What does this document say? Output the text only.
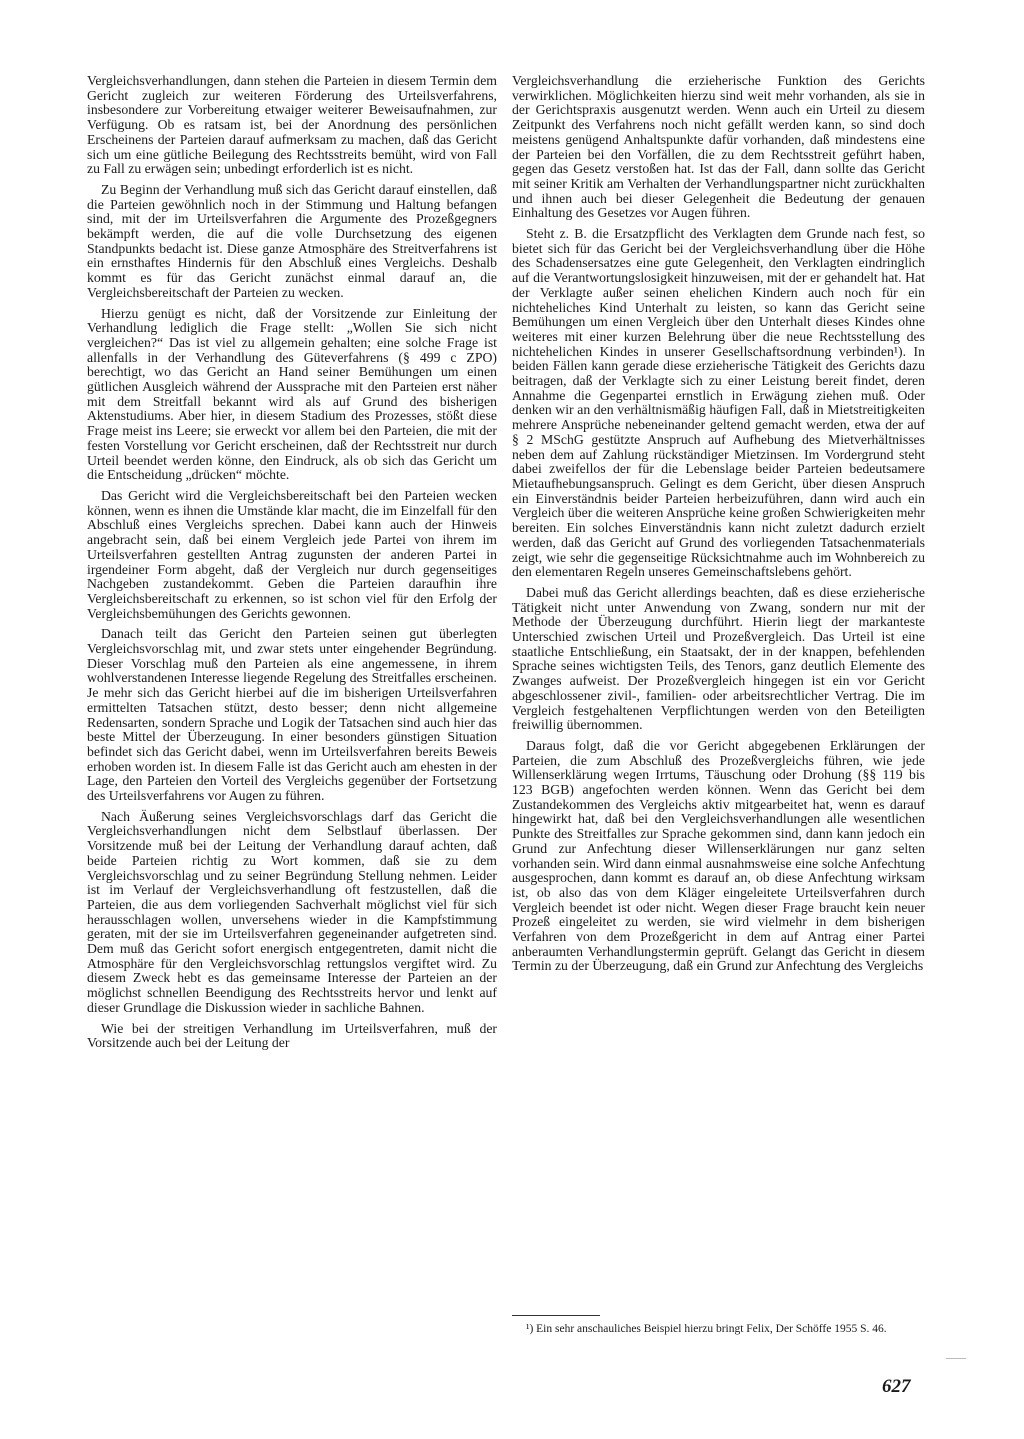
Vergleichsverhandlungen, dann stehen die Parteien in diesem Termin dem Gericht zugleich zur weiteren Förderung des Urteilsverfahrens, insbesondere zur Vorbereitung etwaiger weiterer Beweisaufnahmen, zur Verfügung. Ob es ratsam ist, bei der Anordnung des persönlichen Erscheinens der Parteien darauf aufmerksam zu machen, daß das Gericht sich um eine gütliche Beilegung des Rechtsstreits bemüht, wird von Fall zu Fall zu erwägen sein; unbedingt erforderlich ist es nicht.

Zu Beginn der Verhandlung muß sich das Gericht darauf einstellen, daß die Parteien gewöhnlich noch in der Stimmung und Haltung befangen sind, mit der im Urteilsverfahren die Argumente des Prozeßgegners bekämpft werden, die auf die volle Durchsetzung des eigenen Standpunkts bedacht ist. Diese ganze Atmosphäre des Streitverfahrens ist ein ernsthaftes Hindernis für den Abschluß eines Vergleichs. Deshalb kommt es für das Gericht zunächst einmal darauf an, die Vergleichsbereitschaft der Parteien zu wecken.

Hierzu genügt es nicht, daß der Vorsitzende zur Einleitung der Verhandlung lediglich die Frage stellt: „Wollen Sie sich nicht vergleichen?“ Das ist viel zu allgemein gehalten; eine solche Frage ist allenfalls in der Verhandlung des Güteverfahrens (§ 499 c ZPO) berechtigt, wo das Gericht an Hand seiner Bemühungen um einen gütlichen Ausgleich während der Aussprache mit den Parteien erst näher mit dem Streitfall bekannt wird als auf Grund des bisherigen Aktenstudiums. Aber hier, in diesem Stadium des Prozesses, stößt diese Frage meist ins Leere; sie erweckt vor allem bei den Parteien, die mit der festen Vorstellung vor Gericht erscheinen, daß der Rechtsstreit nur durch Urteil beendet werden könne, den Eindruck, als ob sich das Gericht um die Entscheidung „drücken“ möchte.

Das Gericht wird die Vergleichsbereitschaft bei den Parteien wecken können, wenn es ihnen die Umstände klar macht, die im Einzelfall für den Abschluß eines Vergleichs sprechen. Dabei kann auch der Hinweis angebracht sein, daß bei einem Vergleich jede Partei von ihrem im Urteilsverfahren gestellten Antrag zugunsten der anderen Partei in irgendeiner Form abgeht, daß der Vergleich nur durch gegenseitiges Nachgeben zustandekommt. Geben die Parteien daraufhin ihre Vergleichsbereitschaft zu erkennen, so ist schon viel für den Erfolg der Vergleichsbemühungen des Gerichts gewonnen.

Danach teilt das Gericht den Parteien seinen gut überlegten Vergleichsvorschlag mit, und zwar stets unter eingehender Begründung. Dieser Vorschlag muß den Parteien als eine angemessene, in ihrem wohlverstandenen Interesse liegende Regelung des Streitfalles erscheinen. Je mehr sich das Gericht hierbei auf die im bisherigen Urteilsverfahren ermittelten Tatsachen stützt, desto besser; denn nicht allgemeine Redensarten, sondern Sprache und Logik der Tatsachen sind auch hier das beste Mittel der Überzeugung. In einer besonders günstigen Situation befindet sich das Gericht dabei, wenn im Urteilsverfahren bereits Beweis erhoben worden ist. In diesem Falle ist das Gericht auch am ehesten in der Lage, den Parteien den Vorteil des Vergleichs gegenüber der Fortsetzung des Urteilsverfahrens vor Augen zu führen.

Nach Äußerung seines Vergleichsvorschlags darf das Gericht die Vergleichsverhandlungen nicht dem Selbstlauf überlassen. Der Vorsitzende muß bei der Leitung der Verhandlung darauf achten, daß beide Parteien richtig zu Wort kommen, daß sie zu dem Vergleichsvorschlag und zu seiner Begründung Stellung nehmen. Leider ist im Verlauf der Vergleichsverhandlung oft festzustellen, daß die Parteien, die aus dem vorliegenden Sachverhalt möglichst viel für sich herausschlagen wollen, unversehens wieder in die Kampfstimmung geraten, mit der sie im Urteilsverfahren gegeneinander aufgetreten sind. Dem muß das Gericht sofort energisch entgegentreten, damit nicht die Atmosphäre für den Vergleichsvorschlag rettungslos vergiftet wird. Zu diesem Zweck hebt es das gemeinsame Interesse der Parteien an der möglichst schnellen Beendigung des Rechtsstreits hervor und lenkt auf dieser Grundlage die Diskussion wieder in sachliche Bahnen.

Wie bei der streitigen Verhandlung im Urteilsverfahren, muß der Vorsitzende auch bei der Leitung der

Vergleichsverhandlung die erzieherische Funktion des Gerichts verwirklichen. Möglichkeiten hierzu sind weit mehr vorhanden, als sie in der Gerichtspraxis ausgenutzt werden. Wenn auch ein Urteil zu diesem Zeitpunkt des Verfahrens noch nicht gefällt werden kann, so sind doch meistens genügend Anhaltspunkte dafür vorhanden, daß mindestens eine der Parteien bei den Vorfällen, die zu dem Rechtsstreit geführt haben, gegen das Gesetz verstoßen hat. Ist das der Fall, dann sollte das Gericht mit seiner Kritik am Verhalten der Verhandlungspartner nicht zurückhalten und ihnen auch bei dieser Gelegenheit die Bedeutung der genauen Einhaltung des Gesetzes vor Augen führen.

Steht z. B. die Ersatzpflicht des Verklagten dem Grunde nach fest, so bietet sich für das Gericht bei der Vergleichsverhandlung über die Höhe des Schadensersatzes eine gute Gelegenheit, den Verklagten eindringlich auf die Verantwortungslosigkeit hinzuweisen, mit der er gehandelt hat. Hat der Verklagte außer seinen ehelichen Kindern auch noch für ein nichteheliches Kind Unterhalt zu leisten, so kann das Gericht seine Bemühungen um einen Vergleich über den Unterhalt dieses Kindes ohne weiteres mit einer kurzen Belehrung über die neue Rechtsstellung des nichtehelichen Kindes in unserer Gesellschaftsordnung verbinden¹). In beiden Fällen kann gerade diese erzieherische Tätigkeit des Gerichts dazu beitragen, daß der Verklagte sich zu einer Leistung bereit findet, deren Annahme die Gegenpartei ernstlich in Erwägung ziehen muß. Oder denken wir an den verhältnismäßig häufigen Fall, daß in Mietstreitigkeiten mehrere Ansprüche nebeneinander geltend gemacht werden, etwa der auf § 2 MSchG gestützte Anspruch auf Aufhebung des Mietverhältnisses neben dem auf Zahlung rückständiger Mietzinsen. Im Vordergrund steht dabei zweifellos der für die Lebenslage beider Parteien bedeutsamere Mietaufhebungsanspruch. Gelingt es dem Gericht, über diesen Anspruch ein Einverständnis beider Parteien herbeizuführen, dann wird auch ein Vergleich über die weiteren Ansprüche keine großen Schwierigkeiten mehr bereiten. Ein solches Einverständnis kann nicht zuletzt dadurch erzielt werden, daß das Gericht auf Grund des vorliegenden Tatsachenmaterials zeigt, wie sehr die gegenseitige Rücksichtnahme auch im Wohnbereich zu den elementaren Regeln unseres Gemeinschaftslebens gehört.

Dabei muß das Gericht allerdings beachten, daß es diese erzieherische Tätigkeit nicht unter Anwendung von Zwang, sondern nur mit der Methode der Überzeugung durchführt. Hierin liegt der markanteste Unterschied zwischen Urteil und Prozeßvergleich. Das Urteil ist eine staatliche Entschließung, ein Staatsakt, der in der knappen, befehlenden Sprache seines wichtigsten Teils, des Tenors, ganz deutlich Elemente des Zwanges aufweist. Der Prozeßvergleich hingegen ist ein vor Gericht abgeschlossener zivil-, familien- oder arbeitsrechtlicher Vertrag. Die im Vergleich festgehaltenen Verpflichtungen werden von den Beteiligten freiwillig übernommen.

Daraus folgt, daß die vor Gericht abgegebenen Erklärungen der Parteien, die zum Abschluß des Prozeßvergleichs führen, wie jede Willenserklärung wegen Irrtums, Täuschung oder Drohung (§§ 119 bis 123 BGB) angefochten werden können. Wenn das Gericht bei dem Zustandekommen des Vergleichs aktiv mitgearbeitet hat, wenn es darauf hingewirkt hat, daß bei den Vergleichsverhandlungen alle wesentlichen Punkte des Streitfalles zur Sprache gekommen sind, dann kann jedoch ein Grund zur Anfechtung dieser Willenserklärungen nur ganz selten vorhanden sein. Wird dann einmal ausnahmsweise eine solche Anfechtung ausgesprochen, dann kommt es darauf an, ob diese Anfechtung wirksam ist, ob also das von dem Kläger eingeleitete Urteilsverfahren durch Vergleich beendet ist oder nicht. Wegen dieser Frage braucht kein neuer Prozeß eingeleitet zu werden, sie wird vielmehr in dem bisherigen Verfahren von dem Prozeßgericht in dem auf Antrag einer Partei anberaumten Verhandlungstermin geprüft. Gelangt das Gericht in diesem Termin zu der Überzeugung, daß ein Grund zur Anfechtung des Vergleichs

¹) Ein sehr anschauliches Beispiel hierzu bringt Felix, Der Schöffe 1955 S. 46.
627
